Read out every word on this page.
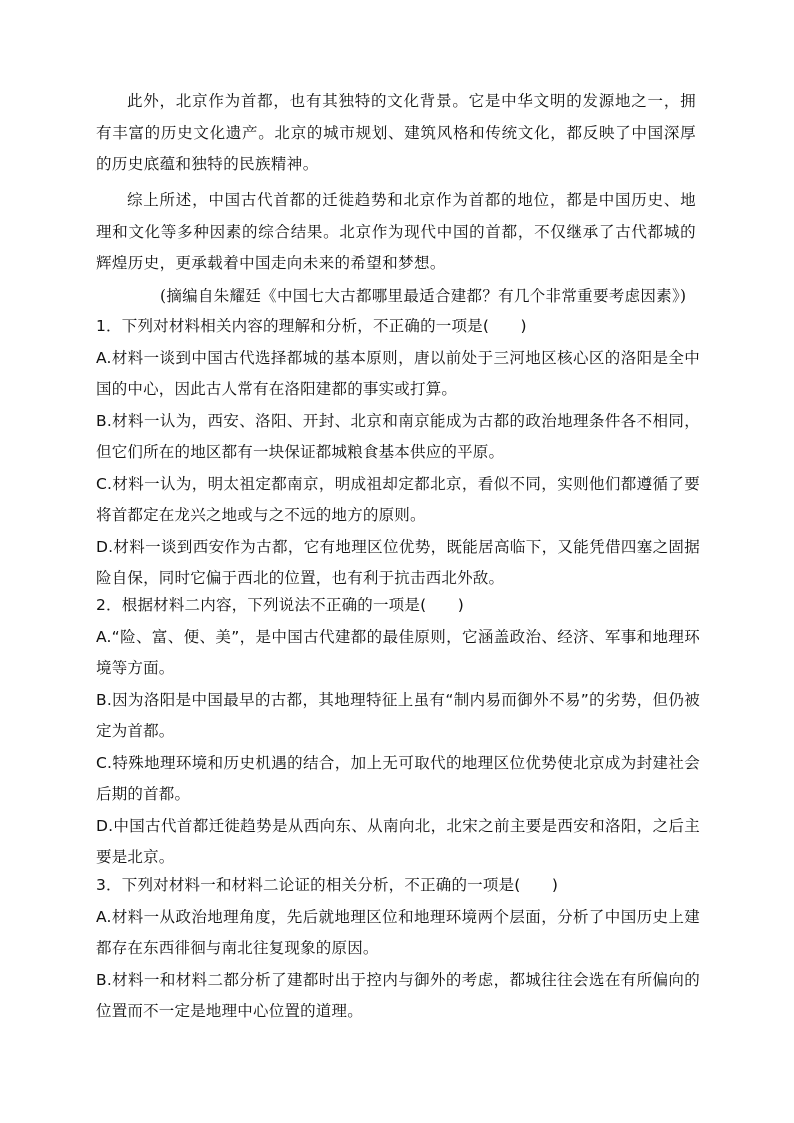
此外，北京作为首都，也有其独特的文化背景。它是中华文明的发源地之一，拥有丰富的历史文化遗产。北京的城市规划、建筑风格和传统文化，都反映了中国深厚的历史底蕴和独特的民族精神。
综上所述，中国古代首都的迁徙趋势和北京作为首都的地位，都是中国历史、地理和文化等多种因素的综合结果。北京作为现代中国的首都，不仅继承了古代都城的辉煌历史，更承载着中国走向未来的希望和梦想。
(摘编自朱耀廷《中国七大古都哪里最适合建都？有几个非常重要考虑因素》)

1．下列对材料相关内容的理解和分析，不正确的一项是(　　)

A.材料一谈到中国古代选择都城的基本原则，唐以前处于三河地区核心区的洛阳是全中国的中心，因此古人常有在洛阳建都的事实或打算。

B.材料一认为，西安、洛阳、开封、北京和南京能成为古都的政治地理条件各不相同，但它们所在的地区都有一块保证都城粮食基本供应的平原。

C.材料一认为，明太祖定都南京，明成祖却定都北京，看似不同，实则他们都遵循了要将首都定在龙兴之地或与之不远的地方的原则。

D.材料一谈到西安作为古都，它有地理区位优势，既能居高临下，又能凭借四塞之固据险自保，同时它偏于西北的位置，也有利于抗击西北外敌。

2．根据材料二内容，下列说法不正确的一项是(　　)

A.“险、富、便、美”，是中国古代建都的最佳原则，它涵盖政治、经济、军事和地理环境等方面。

B.因为洛阳是中国最早的古都，其地理特征上虽有“制内易而御外不易”的劣势，但仍被定为首都。

C.特殊地理环境和历史机遇的结合，加上无可取代的地理区位优势使北京成为封建社会后期的首都。

D.中国古代首都迁徙趋势是从西向东、从南向北，北宋之前主要是西安和洛阳，之后主要是北京。

3．下列对材料一和材料二论证的相关分析，不正确的一项是(　　)

A.材料一从政治地理角度，先后就地理区位和地理环境两个层面，分析了中国历史上建都存在东西徘徊与南北往复现象的原因。

B.材料一和材料二都分析了建都时出于控内与御外的考虑，都城往往会选在有所偏向的位置而不一定是地理中心位置的道理。
